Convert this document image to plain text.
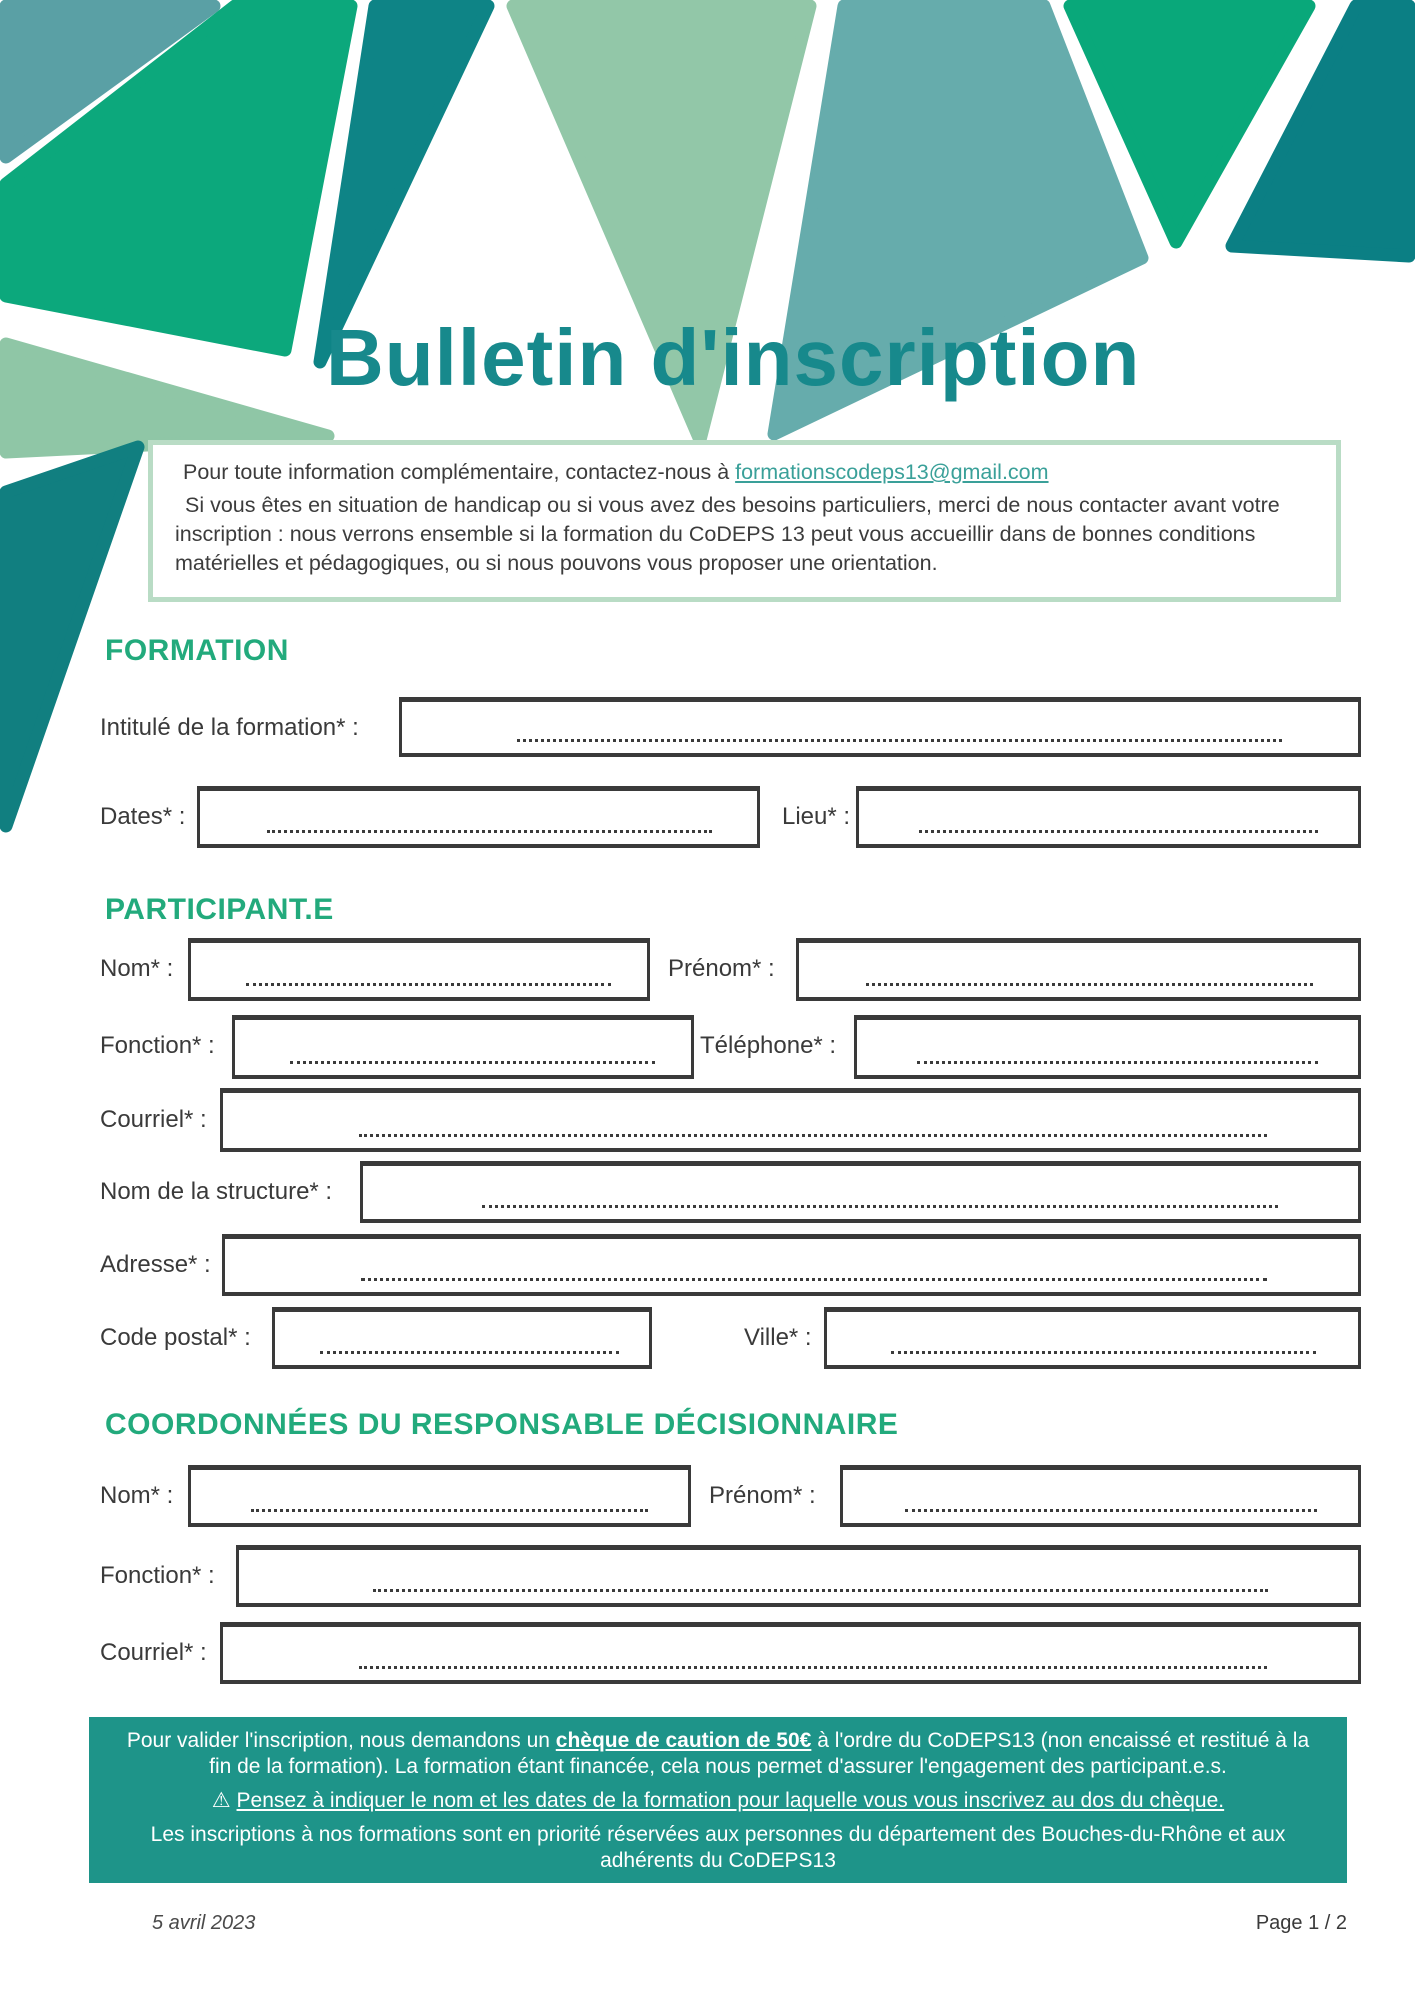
Bulletin d'inscription

Pour toute information complémentaire, contactez-nous à formationscodeps13@gmail.com

Si vous êtes en situation de handicap ou si vous avez des besoins particuliers, merci de nous contacter avant votre inscription : nous verrons ensemble si la formation du CoDEPS 13 peut vous accueillir dans de bonnes conditions matérielles et pédagogiques, ou si nous pouvons vous proposer une orientation.

FORMATION
Intitulé de la formation* :
Dates* :	Lieu* :
PARTICIPANT.E
Nom* :	Prénom* :
Fonction* :	Téléphone* :
Courriel* :
Nom de la structure* :
Adresse* :
Code postal* :	Ville* :
COORDONNÉES DU RESPONSABLE DÉCISIONNAIRE
Nom* :	Prénom* :
Fonction* :
Courriel* :

Pour valider l'inscription, nous demandons un chèque de caution de 50€ à l'ordre du CoDEPS13 (non encaissé et restitué à la fin de la formation). La formation étant financée, cela nous permet d'assurer l'engagement des participant.e.s.

⚠ Pensez à indiquer le nom et les dates de la formation pour laquelle vous vous inscrivez au dos du chèque.

Les inscriptions à nos formations sont en priorité réservées aux personnes du département des Bouches-du-Rhône et aux adhérents du CoDEPS13

5 avril 2023	Page 1 / 2
